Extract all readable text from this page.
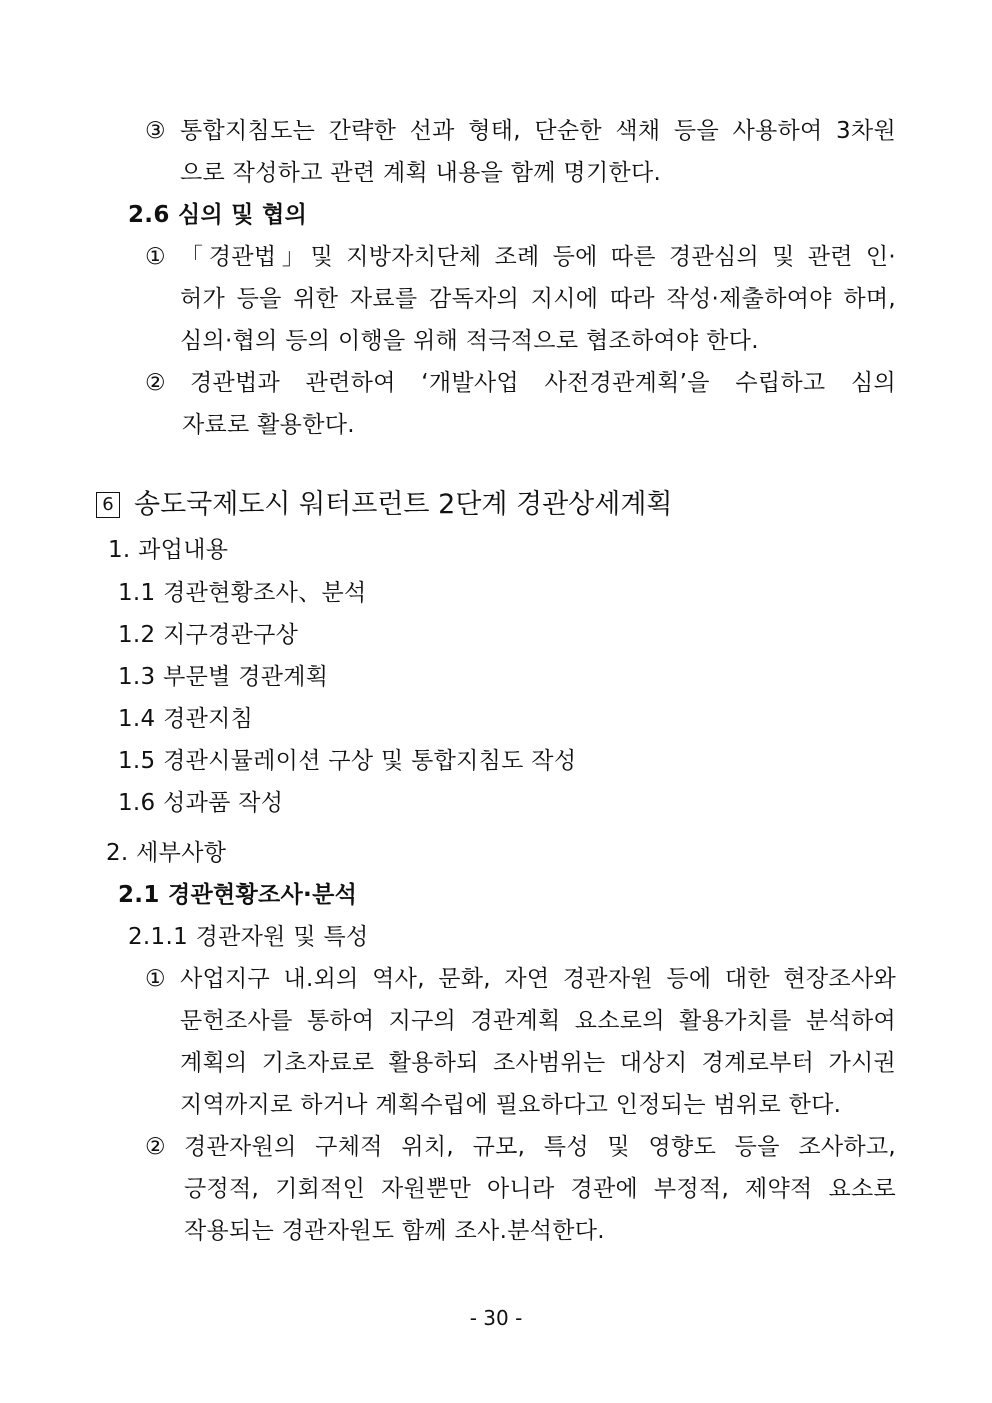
③ 통합지침도는 간략한 선과 형태, 단순한 색채 등을 사용하여 3차원
으로 작성하고 관련 계획 내용을 함께 명기한다.
2.6 심의 및 협의
① 「경관법」및 지방자치단체 조례 등에 따른 경관심의 및 관련 인·
허가 등을 위한 자료를 감독자의 지시에 따라 작성·제출하여야 하며,
심의·협의 등의 이행을 위해 적극적으로 협조하여야 한다.
② 경관법과 관련하여 ‘개발사업 사전경관계획’을 수립하고 심의
자료로 활용한다.
6 송도국제도시 워터프런트 2단계 경관상세계획
1. 과업내용
1.1 경관현황조사、분석
1.2 지구경관구상
1.3 부문별 경관계획
1.4 경관지침
1.5 경관시뮬레이션 구상 및 통합지침도 작성
1.6 성과품 작성
2. 세부사항
2.1 경관현황조사·분석
2.1.1 경관자원 및 특성
① 사업지구 내.외의 역사, 문화, 자연 경관자원 등에 대한 현장조사와
문헌조사를 통하여 지구의 경관계획 요소로의 활용가치를 분석하여
계획의 기초자료로 활용하되 조사범위는 대상지 경계로부터 가시권
지역까지로 하거나 계획수립에 필요하다고 인정되는 범위로 한다.
② 경관자원의 구체적 위치, 규모, 특성 및 영향도 등을 조사하고,
긍정적, 기회적인 자원뿐만 아니라 경관에 부정적, 제약적 요소로
작용되는 경관자원도 함께 조사.분석한다.
- 30 -
